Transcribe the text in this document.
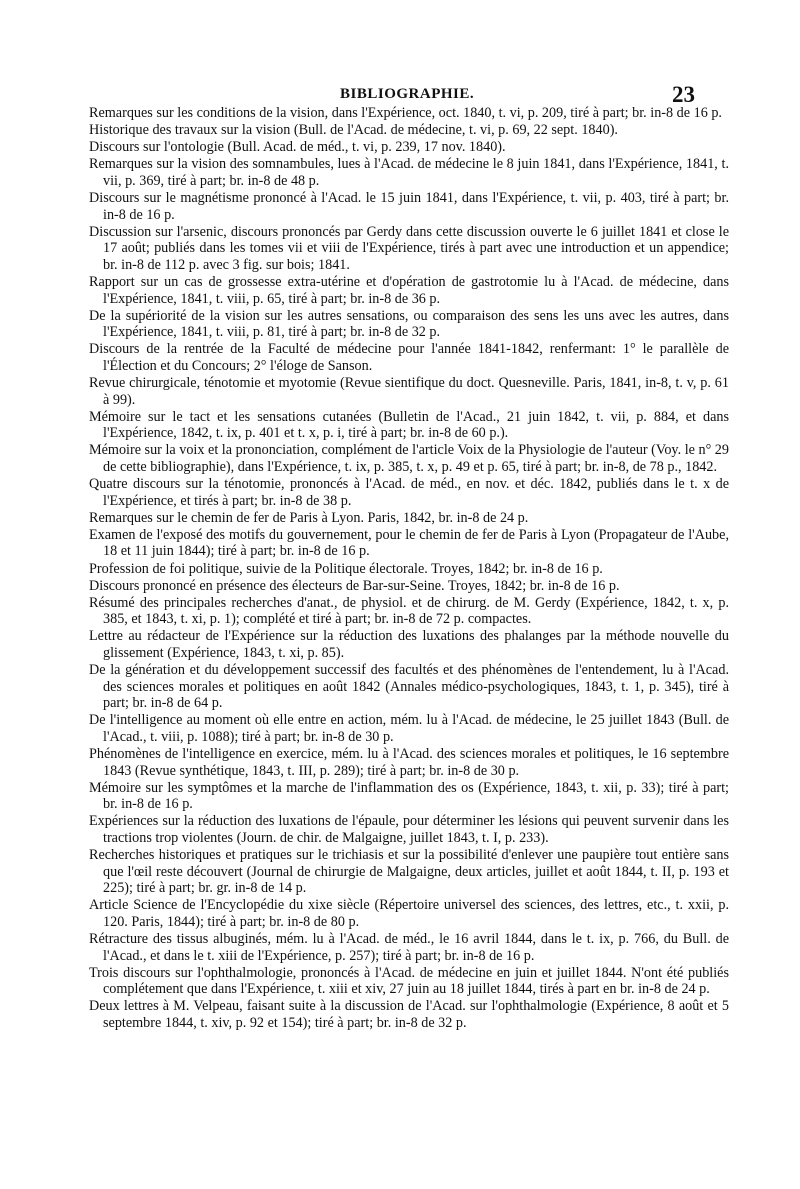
BIBLIOGRAPHIE.	23

Remarques sur les conditions de la vision, dans l'Expérience, oct. 1840, t. vi, p. 209, tiré à part; br. in-8 de 16 p.

Historique des travaux sur la vision (Bull. de l'Acad. de médecine, t. vi, p. 69, 22 sept. 1840).

Discours sur l'ontologie (Bull. Acad. de méd., t. vi, p. 239, 17 nov. 1840).

Remarques sur la vision des somnambules, lues à l'Acad. de médecine le 8 juin 1841, dans l'Expérience, 1841, t. vii, p. 369, tiré à part; br. in-8 de 48 p.

Discours sur le magnétisme prononcé à l'Acad. le 15 juin 1841, dans l'Expérience, t. vii, p. 403, tiré à part; br. in-8 de 16 p.

Discussion sur l'arsenic, discours prononcés par Gerdy dans cette discussion ouverte le 6 juillet 1841 et close le 17 août; publiés dans les tomes vii et viii de l'Expérience, tirés à part avec une introduction et un appendice; br. in-8 de 112 p. avec 3 fig. sur bois; 1841.

Rapport sur un cas de grossesse extra-utérine et d'opération de gastrotomie lu à l'Acad. de médecine, dans l'Expérience, 1841, t. viii, p. 65, tiré à part; br. in-8 de 36 p.

De la supériorité de la vision sur les autres sensations, ou comparaison des sens les uns avec les autres, dans l'Expérience, 1841, t. viii, p. 81, tiré à part; br. in-8 de 32 p.

Discours de la rentrée de la Faculté de médecine pour l'année 1841-1842, renfermant: 1° le parallèle de l'Élection et du Concours; 2° l'éloge de Sanson.

Revue chirurgicale, ténotomie et myotomie (Revue sientifique du doct. Quesneville. Paris, 1841, in-8, t. v, p. 61 à 99).

Mémoire sur le tact et les sensations cutanées (Bulletin de l'Acad., 21 juin 1842, t. vii, p. 884, et dans l'Expérience, 1842, t. ix, p. 401 et t. x, p. i, tiré à part; br. in-8 de 60 p.).

Mémoire sur la voix et la prononciation, complément de l'article Voix de la Physiologie de l'auteur (Voy. le n° 29 de cette bibliographie), dans l'Expérience, t. ix, p. 385, t. x, p. 49 et p. 65, tiré à part; br. in-8, de 78 p., 1842.

Quatre discours sur la ténotomie, prononcés à l'Acad. de méd., en nov. et déc. 1842, publiés dans le t. x de l'Expérience, et tirés à part; br. in-8 de 38 p.

Remarques sur le chemin de fer de Paris à Lyon. Paris, 1842, br. in-8 de 24 p.

Examen de l'exposé des motifs du gouvernement, pour le chemin de fer de Paris à Lyon (Propagateur de l'Aube, 18 et 11 juin 1844); tiré à part; br. in-8 de 16 p.

Profession de foi politique, suivie de la Politique électorale. Troyes, 1842; br. in-8 de 16 p.

Discours prononcé en présence des électeurs de Bar-sur-Seine. Troyes, 1842; br. in-8 de 16 p.

Résumé des principales recherches d'anat., de physiol. et de chirurg. de M. Gerdy (Expérience, 1842, t. x, p. 385, et 1843, t. xi, p. 1); complété et tiré à part; br. in-8 de 72 p. compactes.

Lettre au rédacteur de l'Expérience sur la réduction des luxations des phalanges par la méthode nouvelle du glissement (Expérience, 1843, t. xi, p. 85).

De la génération et du développement successif des facultés et des phénomènes de l'entendement, lu à l'Acad. des sciences morales et politiques en août 1842 (Annales médico-psychologiques, 1843, t. 1, p. 345), tiré à part; br. in-8 de 64 p.

De l'intelligence au moment où elle entre en action, mém. lu à l'Acad. de médecine, le 25 juillet 1843 (Bull. de l'Acad., t. viii, p. 1088); tiré à part; br. in-8 de 30 p.

Phénomènes de l'intelligence en exercice, mém. lu à l'Acad. des sciences morales et politiques, le 16 septembre 1843 (Revue synthétique, 1843, t. III, p. 289); tiré à part; br. in-8 de 30 p.

Mémoire sur les symptômes et la marche de l'inflammation des os (Expérience, 1843, t. xii, p. 33); tiré à part; br. in-8 de 16 p.

Expériences sur la réduction des luxations de l'épaule, pour déterminer les lésions qui peuvent survenir dans les tractions trop violentes (Journ. de chir. de Malgaigne, juillet 1843, t. I, p. 233).

Recherches historiques et pratiques sur le trichiasis et sur la possibilité d'enlever une paupière tout entière sans que l'œil reste découvert (Journal de chirurgie de Malgaigne, deux articles, juillet et août 1844, t. II, p. 193 et 225); tiré à part; br. gr. in-8 de 14 p.

Article Science de l'Encyclopédie du xixe siècle (Répertoire universel des sciences, des lettres, etc., t. xxii, p. 120. Paris, 1844); tiré à part; br. in-8 de 80 p.

Rétracture des tissus albuginés, mém. lu à l'Acad. de méd., le 16 avril 1844, dans le t. ix, p. 766, du Bull. de l'Acad., et dans le t. xiii de l'Expérience, p. 257); tiré à part; br. in-8 de 16 p.

Trois discours sur l'ophthalmologie, prononcés à l'Acad. de médecine en juin et juillet 1844. N'ont été publiés complétement que dans l'Expérience, t. xiii et xiv, 27 juin au 18 juillet 1844, tirés à part en br. in-8 de 24 p.

Deux lettres à M. Velpeau, faisant suite à la discussion de l'Acad. sur l'ophthalmologie (Expérience, 8 août et 5 septembre 1844, t. xiv, p. 92 et 154); tiré à part; br. in-8 de 32 p.
